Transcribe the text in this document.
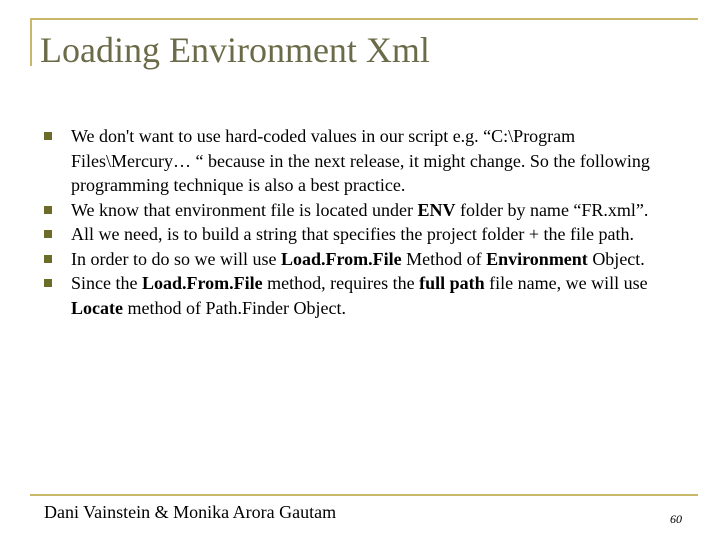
Loading Environment Xml
We don't want to use hard-coded values in our script e.g. “C:\Program Files\Mercury… “ because in the next release, it might change. So the following programming technique is also a best practice.
We know that environment file is located under ENV folder by name “FR.xml”.
All we need, is to build a string that specifies the project folder + the file path.
In order to do so we will use Load.From.File Method of Environment Object.
Since the Load.From.File method, requires the full path file name, we will use Locate method of Path.Finder Object.
Dani Vainstein & Monika Arora Gautam	60
